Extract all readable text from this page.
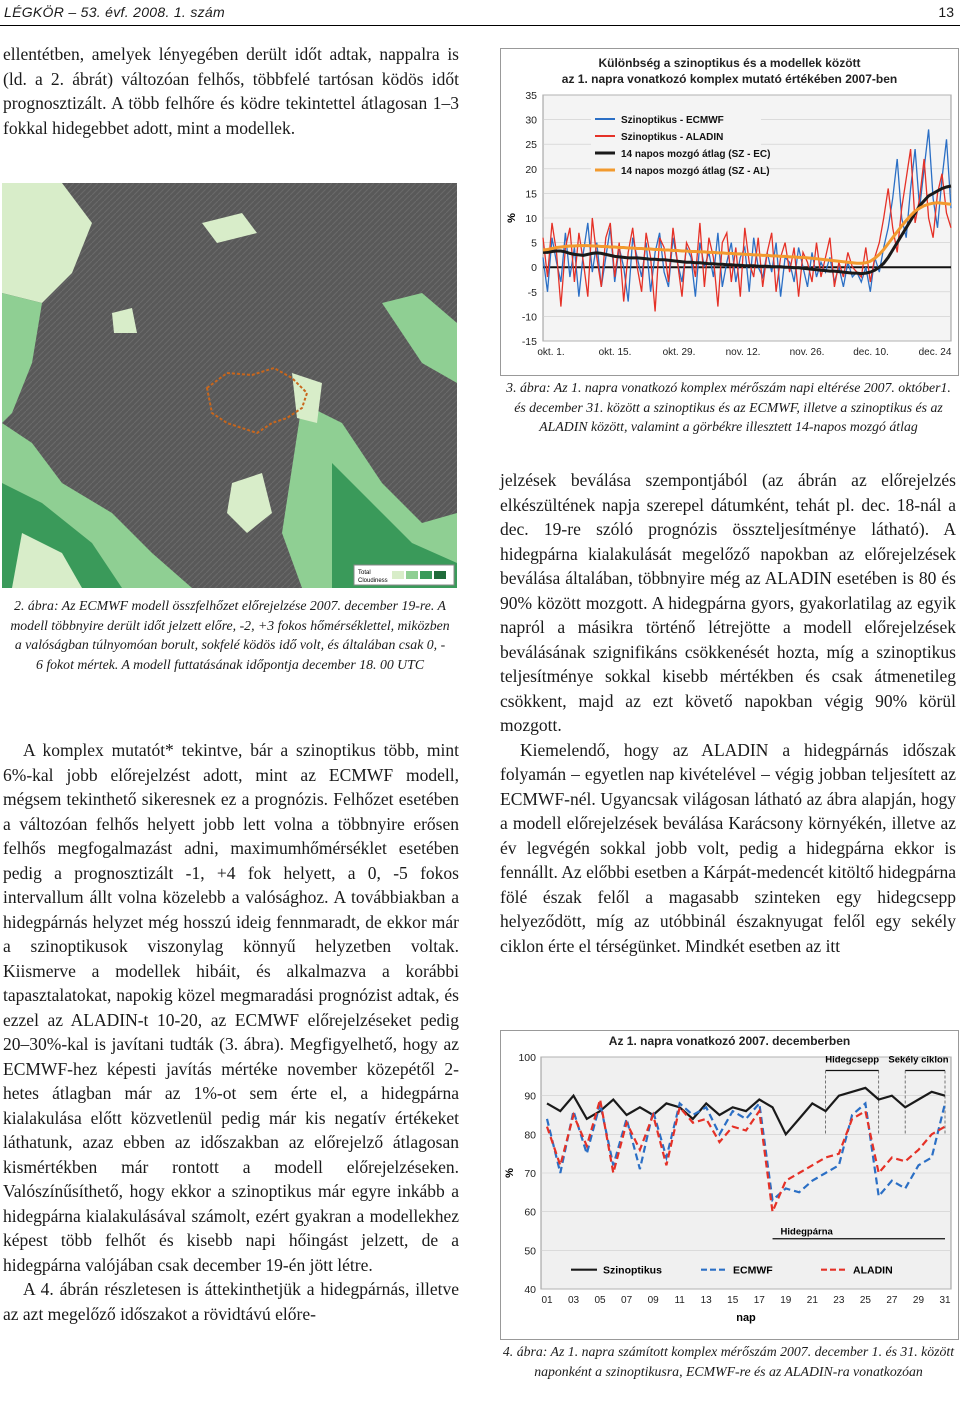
LÉGKÖR – 53. évf. 2008. 1. szám	13

ellentétben, amelyek lényegében derült időt adtak, nappalra is (ld. a 2. ábrát) változóan felhős, többfelé tartósan ködös időt prognosztizált. A több felhőre és ködre tekintettel átlagosan 1–3 fokkal hidegebbet adott, mint a modellek.

Total
Cloudiness
2. ábra: Az ECMWF modell összfelhőzet előrejelzése 2007. december 19-re. A modell többnyire derült időt jelzett előre, -2, +3 fokos hőmérséklettel, miközben a valóságban túlnyomóan borult, sokfelé ködös idő volt, és általában csak 0, - 6 fokot mértek. A modell futtatásának időpontja december 18. 00 UTC

A komplex mutatót* tekintve, bár a szinoptikus több, mint 6%-kal jobb előrejelzést adott, mint az ECMWF modell, mégsem tekinthető sikeresnek ez a prognózis. Felhőzet esetében a változóan felhős helyett jobb lett volna a többnyire erősen felhős megfogalmazást adni, maximumhőmérséklet esetében pedig a prognosztizált -1, +4 fok helyett, a 0, -5 fokos intervallum állt volna közelebb a valósághoz. A továbbiakban a hidegpárnás helyzet még hosszú ideig fennmaradt, de ekkor már a szinoptikusok viszonylag könnyű helyzetben voltak. Kiismerve a modellek hibáit, és alkalmazva a korábbi tapasztalatokat, napokig közel megmaradási prognózist adtak, és ezzel az ALADIN-t 10-20, az ECMWF előrejelzéseket pedig 20–30%-kal is javítani tudták (3. ábra). Megfigyelhető, hogy az ECMWF-hez képesti javítás mértéke november közepétől 2-hetes átlagban már az 1%-ot sem érte el, a hidegpárna kialakulása előtt közvetlenül pedig már kis negatív értékeket láthatunk, azaz ebben az időszakban az előrejelző átlagosan kismértékben már rontott a modell előrejelzéseken. Valószínűsíthető, hogy ekkor a szinoptikus már egyre inkább a hidegpárna kialakulásával számolt, ezért gyakran a modellekhez képest több felhőt és kisebb napi hőingást jelzett, de a hidegpárna valójában csak december 19-én jött létre.

A 4. ábrán részletesen is áttekinthetjük a hidegpárnás, illetve az azt megelőző időszakot a rövidtávú előre-

Különbség a szinoptikus és a modellek között
az 1. napra vonatkozó komplex mutató értékében 2007-ben
35
30
25
20
15
10
5
0
-5
-10
-15
%
okt. 1.	okt. 15.	okt. 29.	nov. 12.	nov. 26.	dec. 10.	dec. 24
Szinoptikus - ECMWF
Szinoptikus - ALADIN
14 napos mozgó átlag (SZ - EC)
14 napos mozgó átlag (SZ - AL)
3. ábra: Az 1. napra vonatkozó komplex mérőszám napi eltérése 2007. október1. és december 31. között a szinoptikus és az ECMWF, illetve a szinoptikus és az ALADIN között, valamint a görbékre illesztett 14-napos mozgó átlag

jelzések beválása szempontjából (az ábrán az előrejelzés elkészültének napja szerepel dátumként, tehát pl. dec. 18-nál a dec. 19-re szóló prognózis összteljesítménye látható). A hidegpárna kialakulását megelőző napokban az előrejelzések beválása általában, többnyire még az ALADIN esetében is 80 és 90% között mozgott. A hidegpárna gyors, gyakorlatilag az egyik napról a másikra történő létrejötte a modell előrejelzések beválásának szignifikáns csökkenését hozta, míg a szinoptikus teljesítménye sokkal kisebb mértékben és csak átmenetileg csökkent, majd az ezt követő napokban végig 90% körül mozgott.

Kiemelendő, hogy az ALADIN a hidegpárnás időszak folyamán – egyetlen nap kivételével – végig jobban teljesített az ECMWF-nél. Ugyancsak világosan látható az ábra alapján, hogy a modell előrejelzések beválása Karácsony környékén, illetve az év legvégén sokkal jobb volt, pedig a hidegpárna ekkor is fennállt. Az előbbi esetben a Kárpát-medencét kitöltő hidegpárna fölé észak felől a magasabb szinteken egy hidegcsepp helyeződött, míg az utóbbinál északnyugat felől egy sekély ciklon érte el térségünket. Mindkét esetben az itt

Az 1. napra vonatkozó 2007. decemberben
100
90
80
70
60
50
40
%
01 03 05 07 09 11 13 15 17 19 21 23 25 27 29 31
nap
Hidegpárna
Hidegcsepp Sekély ciklon
Szinoptikus	ECMWF	ALADIN
4. ábra: Az 1. napra számított komplex mérőszám 2007. december 1. és 31. között naponként a szinoptikusra, ECMWF-re és az ALADIN-ra vonatkozóan
